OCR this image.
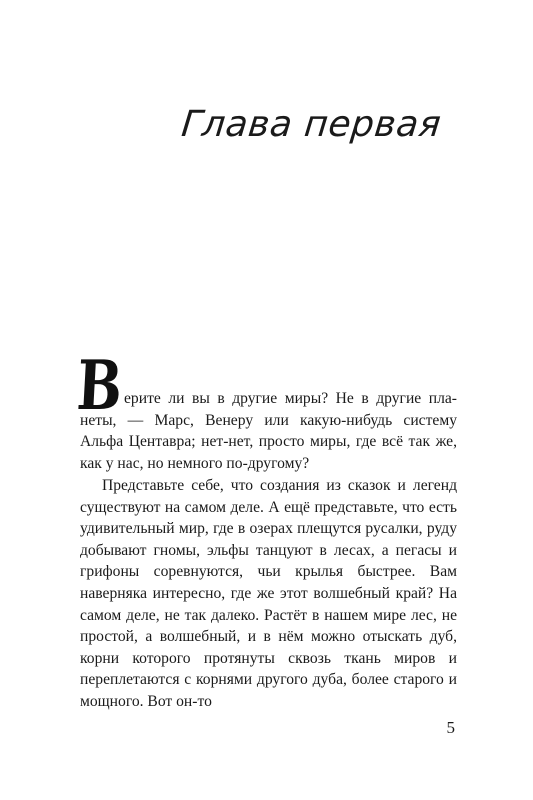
Глава первая
В ерите ли вы в другие миры? Не в другие пла-
неты, — Марс, Венеру или какую-нибудь систему Альфа Центавра; нет-нет, просто миры, где всё так же, как у нас, но немного по-другому?

Представьте себе, что создания из сказок и легенд существуют на самом деле. А ещё представьте, что есть удивительный мир, где в озерах плещутся русалки, руду добывают гномы, эльфы танцуют в лесах, а пегасы и грифоны соревнуются, чьи крылья быстрее. Вам наверняка интересно, где же этот волшебный край? На самом деле, не так далеко. Растёт в нашем мире лес, не простой, а волшебный, и в нём можно отыскать дуб, корни которого протянуты сквозь ткань миров и переплетаются с корнями другого дуба, более старого и мощного. Вот он-то

5
